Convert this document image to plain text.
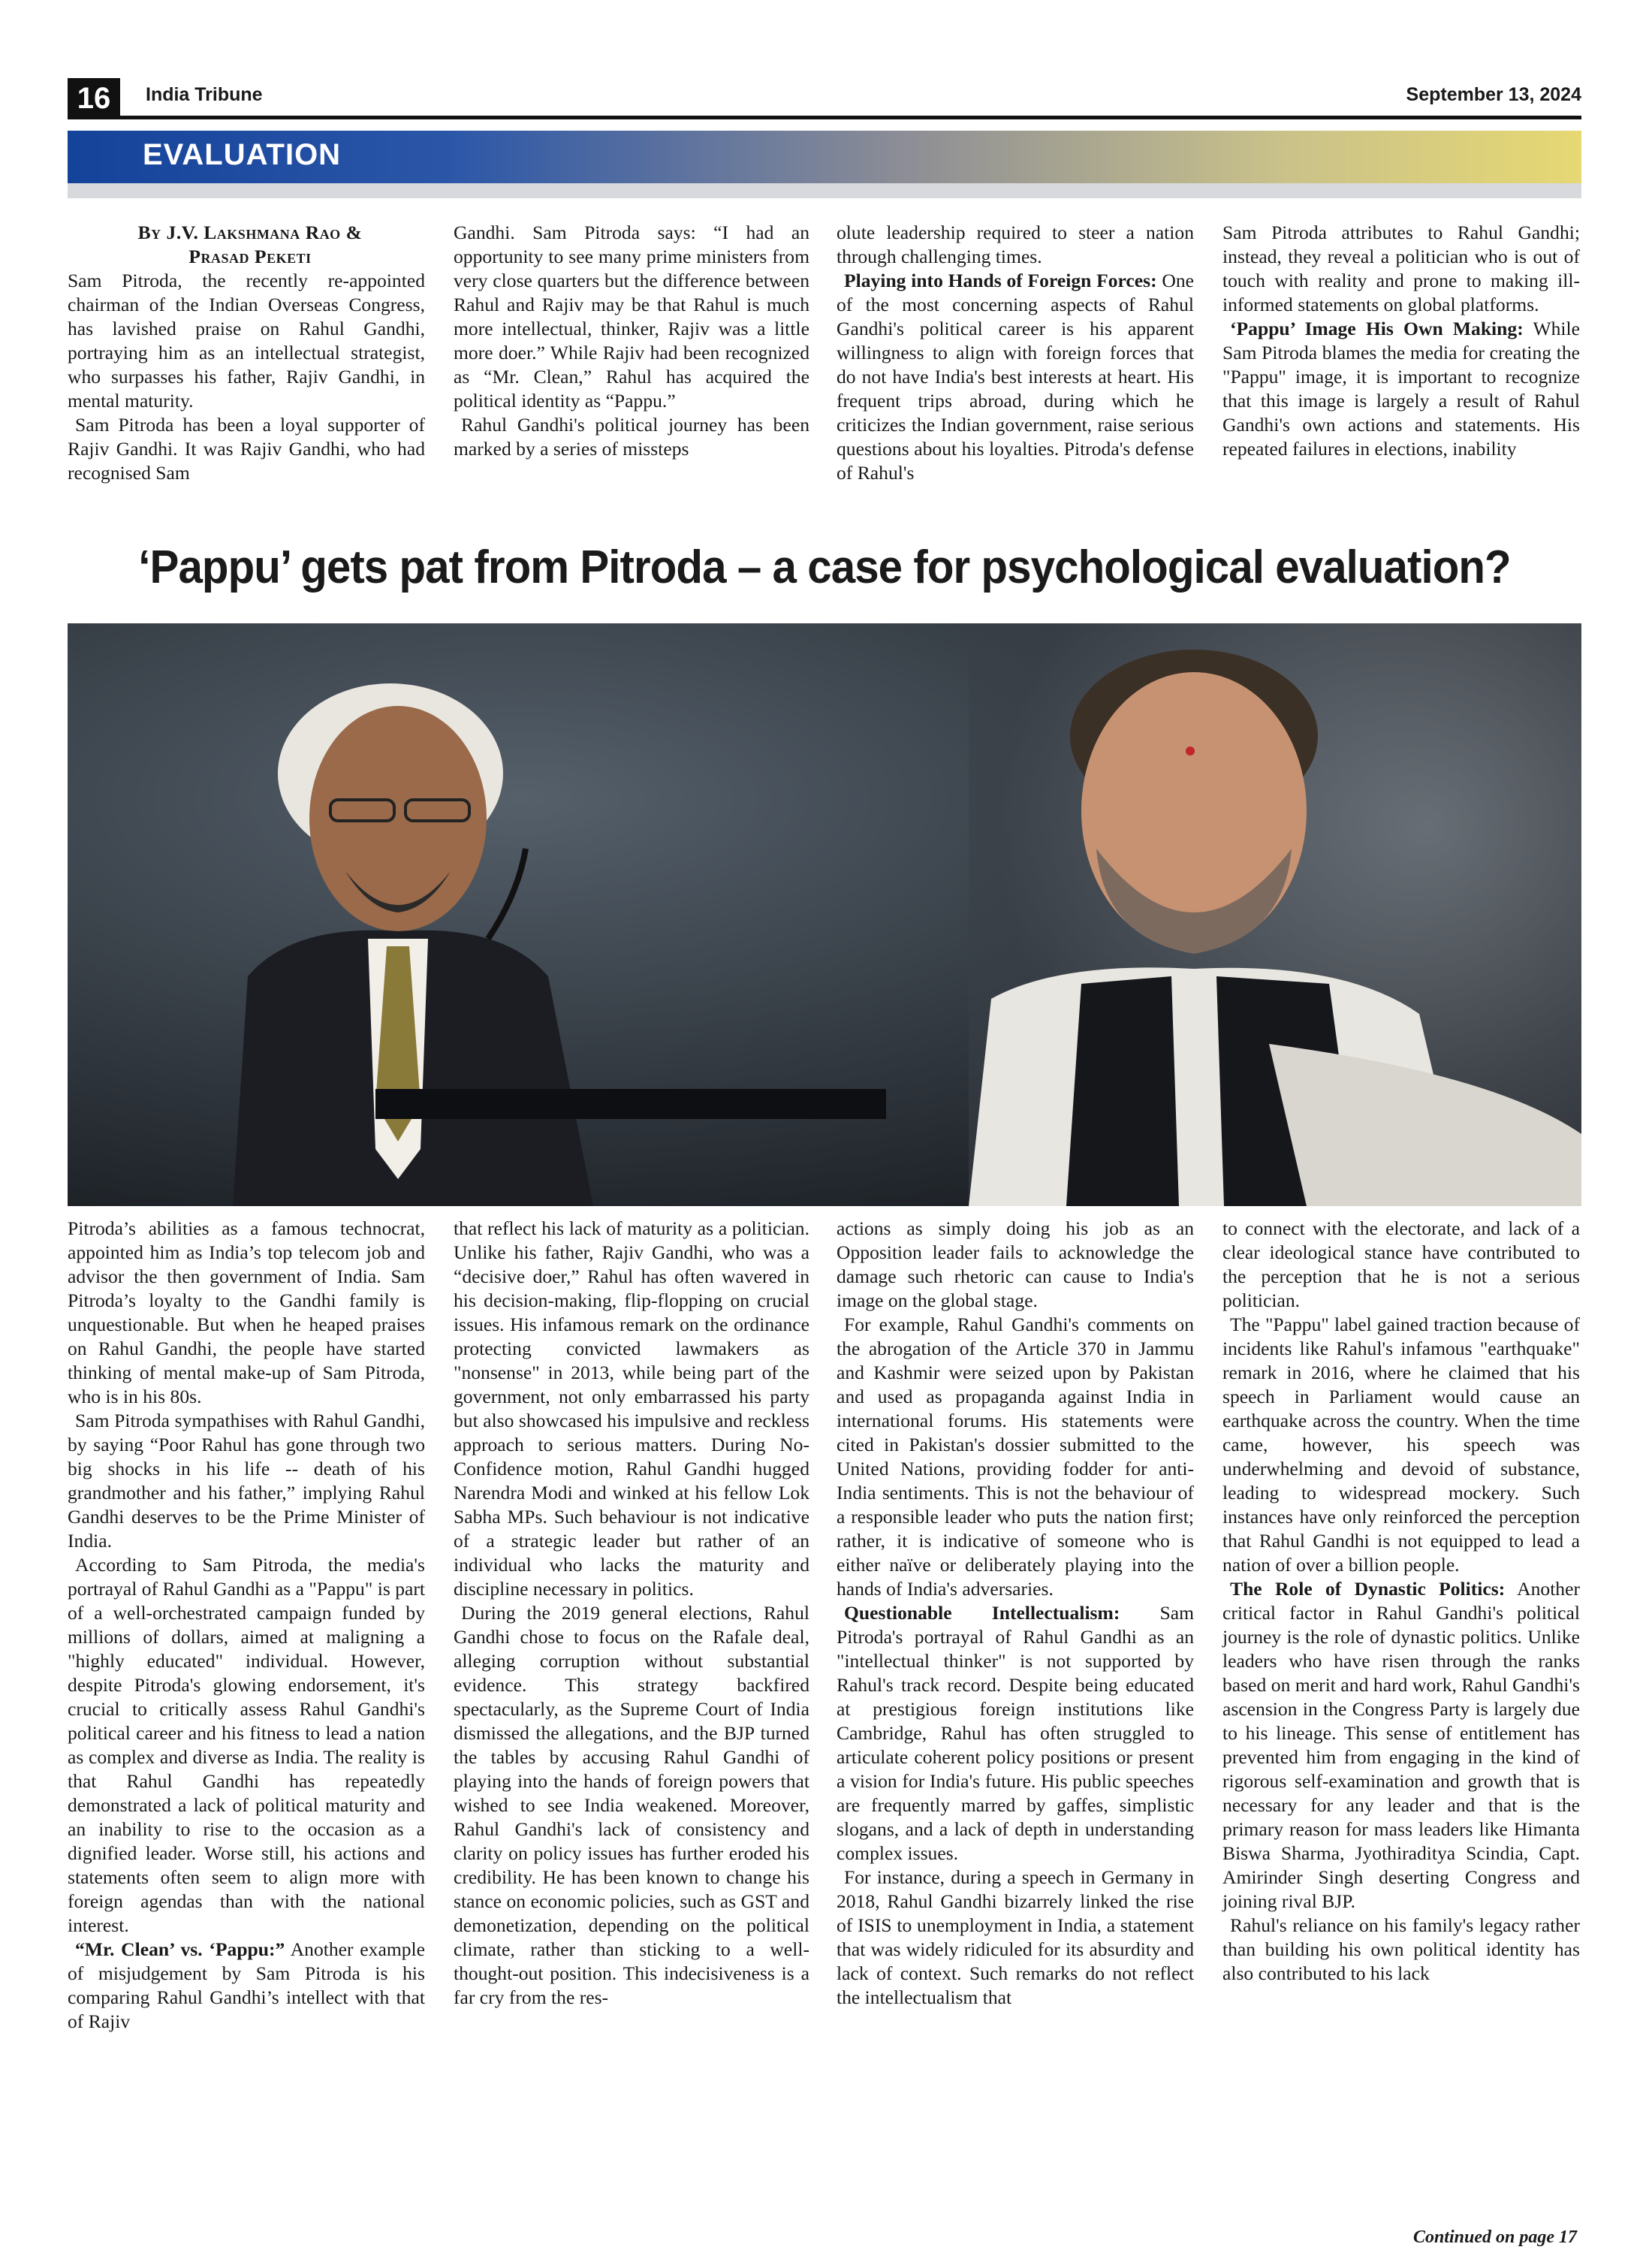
16	India Tribune	September 13, 2024
EVALUATION

By J.V. Lakshmana Rao &

Prasad Peketi

Sam Pitroda, the recently re-appointed chairman of the Indian Overseas Congress, has lavished praise on Rahul Gandhi, portraying him as an intellectual strategist, who surpasses his father, Rajiv Gandhi, in mental maturity.

Sam Pitroda has been a loyal supporter of Rajiv Gandhi. It was Rajiv Gandhi, who had recognised Sam

Gandhi. Sam Pitroda says: “I had an opportunity to see many prime ministers from very close quarters but the difference between Rahul and Rajiv may be that Rahul is much more intellectual, thinker, Rajiv was a little more doer.” While Rajiv had been recognized as “Mr. Clean,” Rahul has acquired the political identity as “Pappu.”

Rahul Gandhi's political journey has been marked by a series of missteps

olute leadership required to steer a nation through challenging times.

Playing into Hands of Foreign Forces: One of the most concerning aspects of Rahul Gandhi's political career is his apparent willingness to align with foreign forces that do not have India's best interests at heart. His frequent trips abroad, during which he criticizes the Indian government, raise serious questions about his loyalties. Pitroda's defense of Rahul's

Sam Pitroda attributes to Rahul Gandhi; instead, they reveal a politician who is out of touch with reality and prone to making ill-informed statements on global platforms.

‘Pappu’ Image His Own Making: While Sam Pitroda blames the media for creating the "Pappu" image, it is important to recognize that this image is largely a result of Rahul Gandhi's own actions and statements. His repeated failures in elections, inability

‘Pappu’ gets pat from Pitroda – a case for psychological evaluation?

Pitroda’s abilities as a famous technocrat, appointed him as India’s top telecom job and advisor the then government of India. Sam Pitroda’s loyalty to the Gandhi family is unquestionable. But when he heaped praises on Rahul Gandhi, the people have started thinking of mental make-up of Sam Pitroda, who is in his 80s.

Sam Pitroda sympathises with Rahul Gandhi, by saying “Poor Rahul has gone through two big shocks in his life -- death of his grandmother and his father,” implying Rahul Gandhi deserves to be the Prime Minister of India.

According to Sam Pitroda, the media's portrayal of Rahul Gandhi as a "Pappu" is part of a well-orchestrated campaign funded by millions of dollars, aimed at maligning a "highly educated" individual. However, despite Pitroda's glowing endorsement, it's crucial to critically assess Rahul Gandhi's political career and his fitness to lead a nation as complex and diverse as India. The reality is that Rahul Gandhi has repeatedly demonstrated a lack of political maturity and an inability to rise to the occasion as a dignified leader. Worse still, his actions and statements often seem to align more with foreign agendas than with the national interest.

“Mr. Clean’ vs. ‘Pappu:” Another example of misjudgement by Sam Pitroda is his comparing Rahul Gandhi’s intellect with that of Rajiv

that reflect his lack of maturity as a politician. Unlike his father, Rajiv Gandhi, who was a “decisive doer,” Rahul has often wavered in his decision-making, flip-flopping on crucial issues. His infamous remark on the ordinance protecting convicted lawmakers as "nonsense" in 2013, while being part of the government, not only embarrassed his party but also showcased his impulsive and reckless approach to serious matters. During No-Confidence motion, Rahul Gandhi hugged Narendra Modi and winked at his fellow Lok Sabha MPs. Such behaviour is not indicative of a strategic leader but rather of an individual who lacks the maturity and discipline necessary in politics.

During the 2019 general elections, Rahul Gandhi chose to focus on the Rafale deal, alleging corruption without substantial evidence. This strategy backfired spectacularly, as the Supreme Court of India dismissed the allegations, and the BJP turned the tables by accusing Rahul Gandhi of playing into the hands of foreign powers that wished to see India weakened. Moreover, Rahul Gandhi's lack of consistency and clarity on policy issues has further eroded his credibility. He has been known to change his stance on economic policies, such as GST and demonetization, depending on the political climate, rather than sticking to a well-thought-out position. This indecisiveness is a far cry from the res-

actions as simply doing his job as an Opposition leader fails to acknowledge the damage such rhetoric can cause to India's image on the global stage.

For example, Rahul Gandhi's comments on the abrogation of the Article 370 in Jammu and Kashmir were seized upon by Pakistan and used as propaganda against India in international forums. His statements were cited in Pakistan's dossier submitted to the United Nations, providing fodder for anti-India sentiments. This is not the behaviour of a responsible leader who puts the nation first; rather, it is indicative of someone who is either naïve or deliberately playing into the hands of India's adversaries.

Questionable Intellectualism: Sam Pitroda's portrayal of Rahul Gandhi as an "intellectual thinker" is not supported by Rahul's track record. Despite being educated at prestigious foreign institutions like Cambridge, Rahul has often struggled to articulate coherent policy positions or present a vision for India's future. His public speeches are frequently marred by gaffes, simplistic slogans, and a lack of depth in understanding complex issues.

For instance, during a speech in Germany in 2018, Rahul Gandhi bizarrely linked the rise of ISIS to unemployment in India, a statement that was widely ridiculed for its absurdity and lack of context. Such remarks do not reflect the intellectualism that

to connect with the electorate, and lack of a clear ideological stance have contributed to the perception that he is not a serious politician.

The "Pappu" label gained traction because of incidents like Rahul's infamous "earthquake" remark in 2016, where he claimed that his speech in Parliament would cause an earthquake across the country. When the time came, however, his speech was underwhelming and devoid of substance, leading to widespread mockery. Such instances have only reinforced the perception that Rahul Gandhi is not equipped to lead a nation of over a billion people.

The Role of Dynastic Politics: Another critical factor in Rahul Gandhi's political journey is the role of dynastic politics. Unlike leaders who have risen through the ranks based on merit and hard work, Rahul Gandhi's ascension in the Congress Party is largely due to his lineage. This sense of entitlement has prevented him from engaging in the kind of rigorous self-examination and growth that is necessary for any leader and that is the primary reason for mass leaders like Himanta Biswa Sharma, Jyothiraditya Scindia, Capt. Amirinder Singh deserting Congress and joining rival BJP.

Rahul's reliance on his family's legacy rather than building his own political identity has also contributed to his lack

Continued on page 17
